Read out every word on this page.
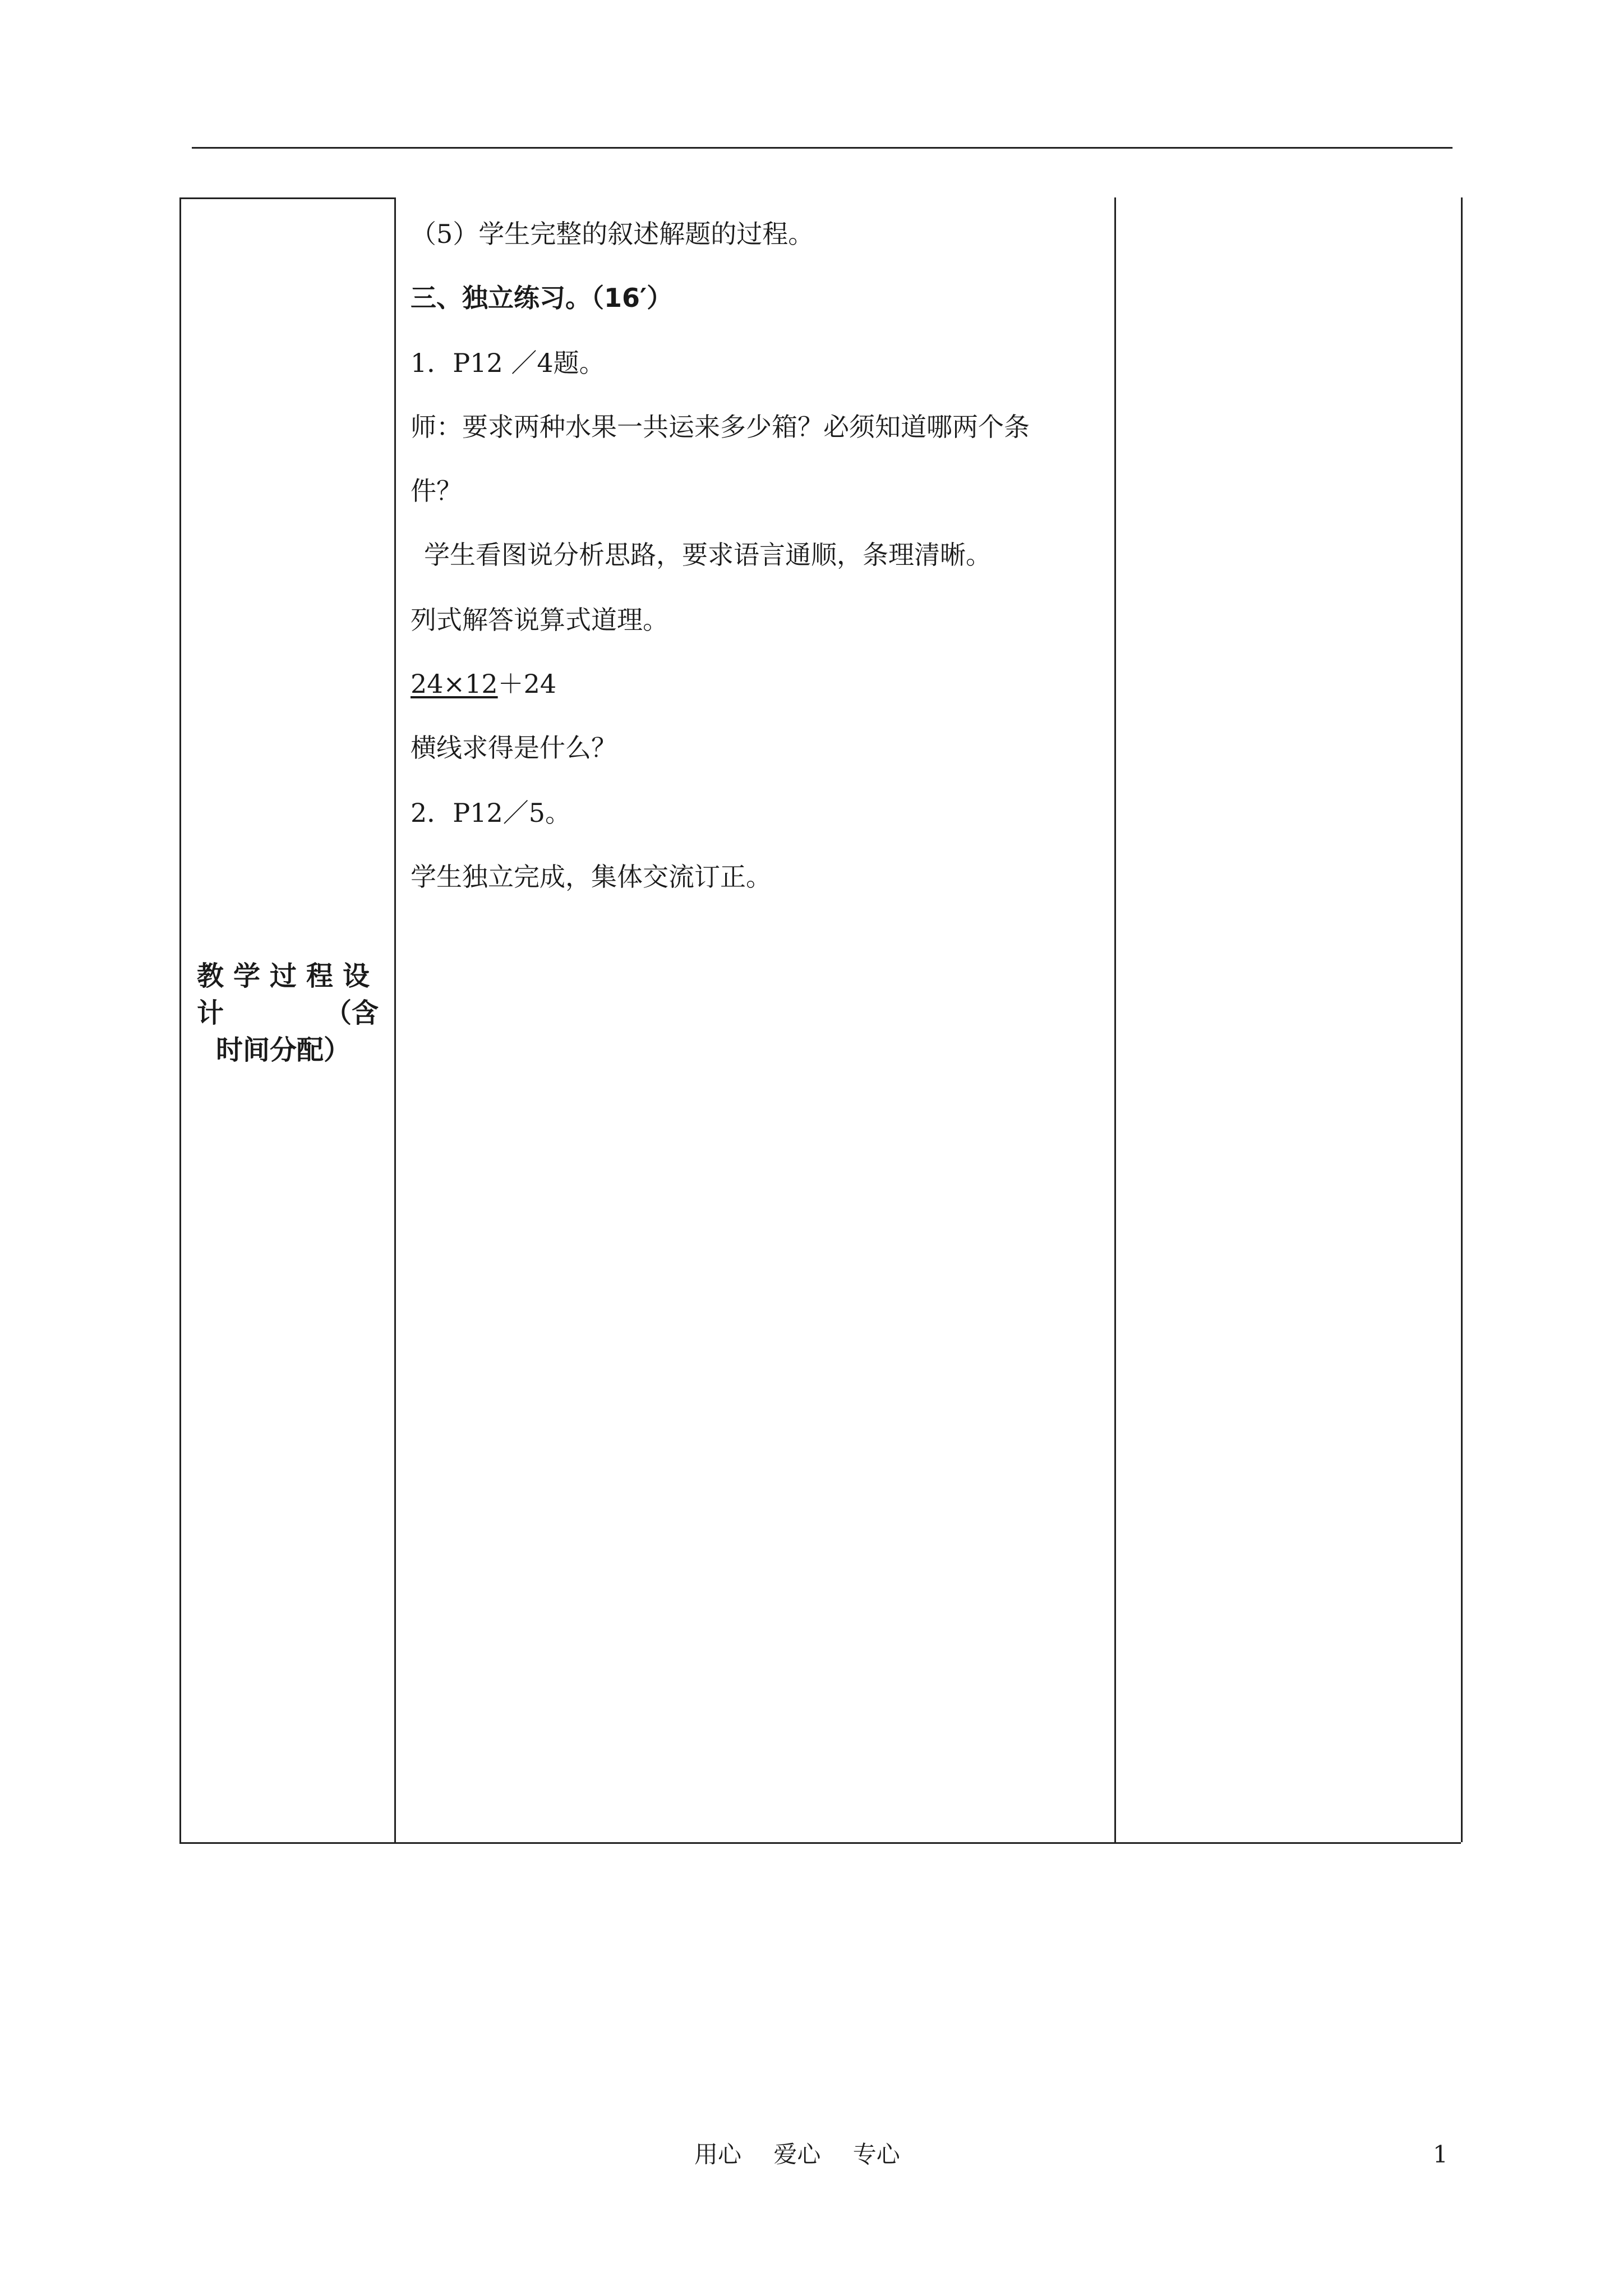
教学过程设
计	（含
时间分配）
（5）学生完整的叙述解题的过程。
三、独立练习。（16′）
1．P12 ／4题。
师：要求两种水果一共运来多少箱？必须知道哪两个条
件？
学生看图说分析思路，要求语言通顺，条理清晰。
列式解答说算式道理。
24×12＋24
横线求得是什么？
2．P12／5。
学生独立完成，集体交流订正。
用心 爱心 专心	1
